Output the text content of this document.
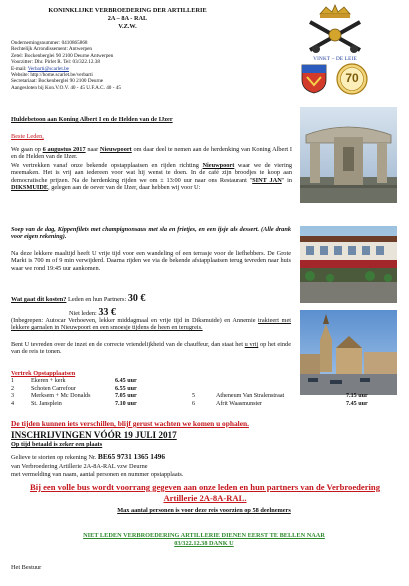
KONINKLIJKE VERBROEDERING DER ARTILLERIE
2A – 8A - RAL
V.Z.W.
Ondernemingsnummer: 0410865868
Rechtelijk Arrondissement: Antwerpen
Zetel: Bockenberglei 90 2100 Deurne Antwerpen
Voorzitter: Dhr. Pirlet R. Tel: 03/322.12.38
E-mail: Verbarti@scarlet.be
Website: http://home.scarlet.be/verbarti
Secretariaat: Bockenberglei 90 2100 Deurne
Aangesloten bij Kon.V.O.V. 40 - 45 U.F.A.C. 40 - 45
VINKT – DE LEIE
70
Huldebetoon aan Koning Albert I en de Helden van de IJzer
Beste Leden,
We gaan op 6 augustus 2017 naar Nieuwpoort om daar deel te nemen aan de herdenking van Koning Albert I en de Helden van de IJzer.
We vertrekken vanaf onze bekende opstapplaatsen en rijden richting Nieuwpoort waar we de viering meemaken. Het is vrij aan iedereen voor wat hij wenst te doen. In de café zijn broodjes te koop aan democratische prijzen. Na de herdenking rijden we om ± 13:00 uur naar ons Restaurant "SINT JAN" in DIKSMUIDE, gelegen aan de oever van de IJzer, daar hebben wij voor U:
Soep van de dag, Kippenfilets met champignonsaus met sla en frietjes, en een ijsje als dessert. (Alle drank voor eigen rekening).
Na deze lekkere maaltijd heeft U vrije tijd voor een wandeling of een terrasje voor de liefhebbers. De Grote Markt is 700 m of 9 min verwijderd. Daarna rijden we via de bekende afstapplaatsen terug tevreden naar huis waar we rond 19:45 uur aankomen.
Wat gaat dit kosten? Leden en hun Partners: 30 €
Niet leden: 33 €
(Inbegrepen: Autocar Verhoeven, lekker middagmaal en vrije tijd in Diksmuide) en Annemie trakteert met lekkere garnalen in Nieuwpoort en een smoesje tijdens de heen en terugreis.
Bent U tevreden over de inzet en de correcte vriendelijkheid van de chauffeur, dan staat het u vrij op het einde van de reis te tonen.
Vertrek Opstapplaatsen
1	Ekeren + kerk	6.45 uur
2	Schoten Carrefour	6.55 uur
3	Merksem + Mc Donalds	7.05 uur
4	St. Jansplein	7.10 uur
5	Atheneum Van Stralenstraat	7.15 uur
6	Afrit Waasmunster	7.45 uur
De tijden kunnen iets verschillen, blijf gerust wachten we komen u ophalen.
INSCHRIJVINGEN VÓÓR 19 JULI 2017
Op tijd betaald is zeker een plaats
Gelieve te storten op rekening Nr. BE65 9731 1365 1496
van Verbroedering Artillerie 2A-8A-RAL vzw Deurne
met vermelding van naam, aantal personen en nummer opstapplaats.
Bij een volle bus wordt voorrang gegeven aan onze leden en hun partners van de Verbroedering Artillerie 2A-8A-RAL.
Max aantal personen is voor deze reis voorzien op 58 deelnemers
NIET LEDEN VERBROEDERING ARTILLERIE DIENEN EERST TE BELLEN NAAR
03/322.12.38 DANK U
Het Bestuur
